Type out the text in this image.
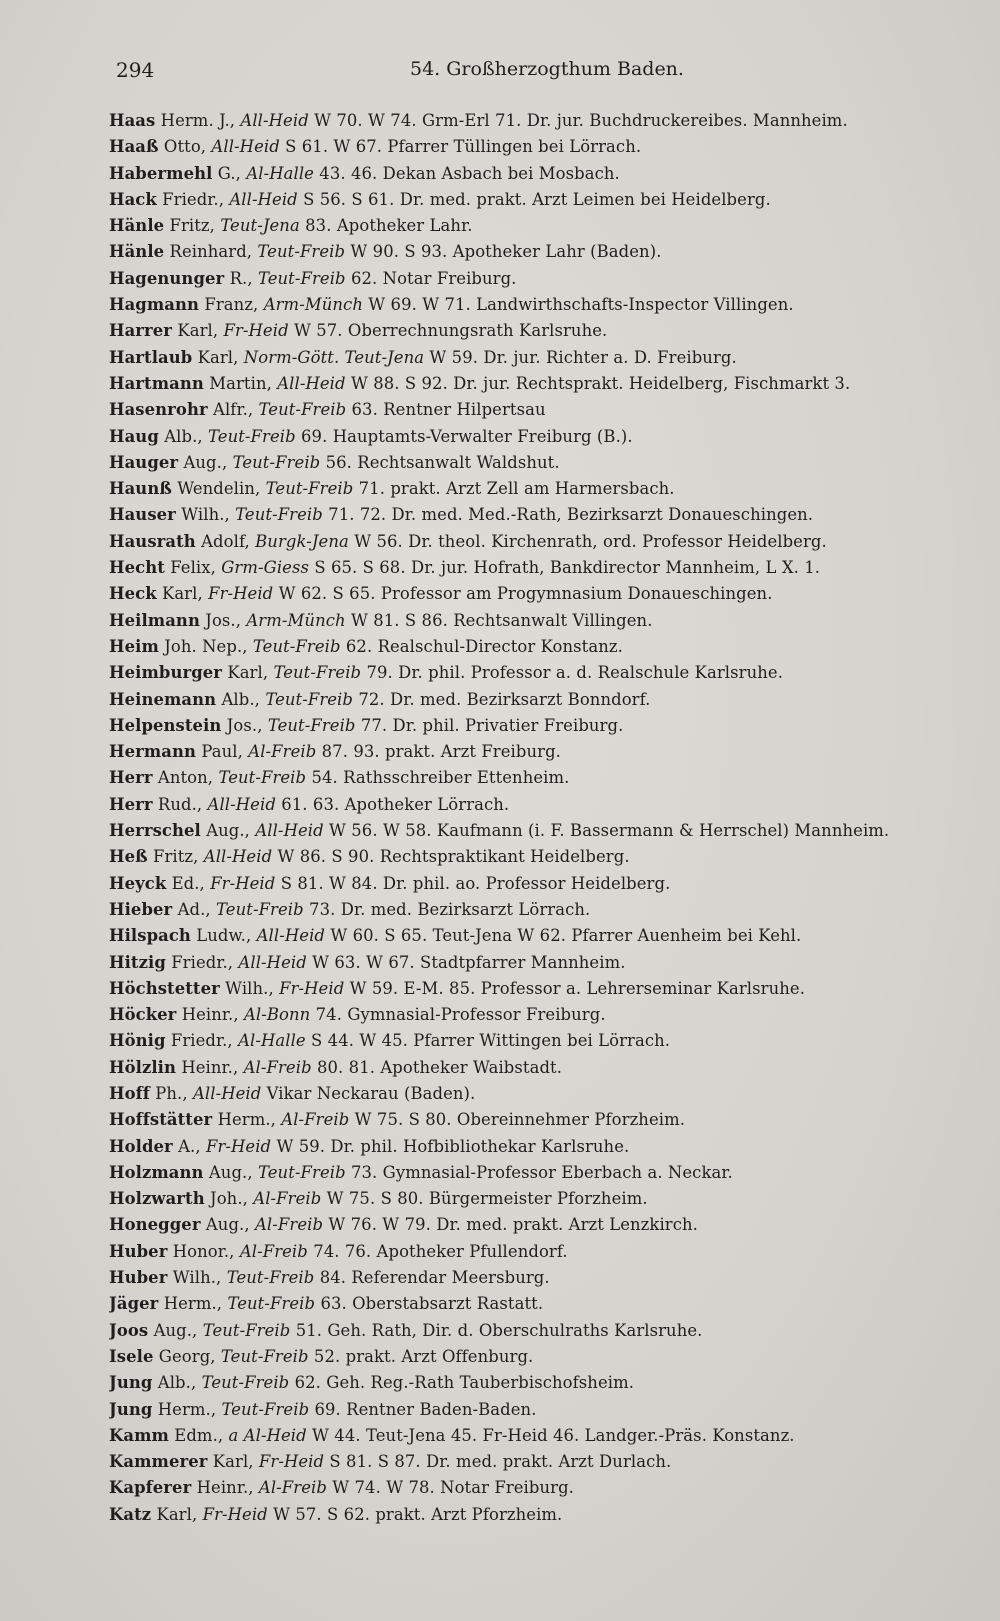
294	54. Großherzogthum Baden.
Haas Herm. J., All-Heid W 70. W 74. Grm-Erl 71. Dr. jur. Buchdruckereibes. Mannheim.
Haaß Otto, All-Heid S 61. W 67. Pfarrer Tüllingen bei Lörrach.
Habermehl G., Al-Halle 43. 46. Dekan Asbach bei Mosbach.
Hack Friedr., All-Heid S 56. S 61. Dr. med. prakt. Arzt Leimen bei Heidelberg.
Hänle Fritz, Teut-Jena 83. Apotheker Lahr.
Hänle Reinhard, Teut-Freib W 90. S 93. Apotheker Lahr (Baden).
Hagenunger R., Teut-Freib 62. Notar Freiburg.
Hagmann Franz, Arm-Münch W 69. W 71. Landwirthschafts-Inspector Villingen.
Harrer Karl, Fr-Heid W 57. Oberrechnungsrath Karlsruhe.
Hartlaub Karl, Norm-Gött. Teut-Jena W 59. Dr. jur. Richter a. D. Freiburg.
Hartmann Martin, All-Heid W 88. S 92. Dr. jur. Rechtsprakt. Heidelberg, Fischmarkt 3.
Hasenrohr Alfr., Teut-Freib 63. Rentner Hilpertsau
Haug Alb., Teut-Freib 69. Hauptamts-Verwalter Freiburg (B.).
Hauger Aug., Teut-Freib 56. Rechtsanwalt Waldshut.
Haunß Wendelin, Teut-Freib 71. prakt. Arzt Zell am Harmersbach.
Hauser Wilh., Teut-Freib 71. 72. Dr. med. Med.-Rath, Bezirksarzt Donaueschingen.
Hausrath Adolf, Burgk-Jena W 56. Dr. theol. Kirchenrath, ord. Professor Heidelberg.
Hecht Felix, Grm-Giess S 65. S 68. Dr. jur. Hofrath, Bankdirector Mannheim, L X. 1.
Heck Karl, Fr-Heid W 62. S 65. Professor am Progymnasium Donaueschingen.
Heilmann Jos., Arm-Münch W 81. S 86. Rechtsanwalt Villingen.
Heim Joh. Nep., Teut-Freib 62. Realschul-Director Konstanz.
Heimburger Karl, Teut-Freib 79. Dr. phil. Professor a. d. Realschule Karlsruhe.
Heinemann Alb., Teut-Freib 72. Dr. med. Bezirksarzt Bonndorf.
Helpenstein Jos., Teut-Freib 77. Dr. phil. Privatier Freiburg.
Hermann Paul, Al-Freib 87. 93. prakt. Arzt Freiburg.
Herr Anton, Teut-Freib 54. Rathsschreiber Ettenheim.
Herr Rud., All-Heid 61. 63. Apotheker Lörrach.
Herrschel Aug., All-Heid W 56. W 58. Kaufmann (i. F. Bassermann & Herrschel) Mannheim.
Heß Fritz, All-Heid W 86. S 90. Rechtspraktikant Heidelberg.
Heyck Ed., Fr-Heid S 81. W 84. Dr. phil. ao. Professor Heidelberg.
Hieber Ad., Teut-Freib 73. Dr. med. Bezirksarzt Lörrach.
Hilspach Ludw., All-Heid W 60. S 65. Teut-Jena W 62. Pfarrer Auenheim bei Kehl.
Hitzig Friedr., All-Heid W 63. W 67. Stadtpfarrer Mannheim.
Höchstetter Wilh., Fr-Heid W 59. E-M. 85. Professor a. Lehrerseminar Karlsruhe.
Höcker Heinr., Al-Bonn 74. Gymnasial-Professor Freiburg.
Hönig Friedr., Al-Halle S 44. W 45. Pfarrer Wittingen bei Lörrach.
Hölzlin Heinr., Al-Freib 80. 81. Apotheker Waibstadt.
Hoff Ph., All-Heid Vikar Neckarau (Baden).
Hoffstätter Herm., Al-Freib W 75. S 80. Obereinnehmer Pforzheim.
Holder A., Fr-Heid W 59. Dr. phil. Hofbibliothekar Karlsruhe.
Holzmann Aug., Teut-Freib 73. Gymnasial-Professor Eberbach a. Neckar.
Holzwarth Joh., Al-Freib W 75. S 80. Bürgermeister Pforzheim.
Honegger Aug., Al-Freib W 76. W 79. Dr. med. prakt. Arzt Lenzkirch.
Huber Honor., Al-Freib 74. 76. Apotheker Pfullendorf.
Huber Wilh., Teut-Freib 84. Referendar Meersburg.
Jäger Herm., Teut-Freib 63. Oberstabsarzt Rastatt.
Joos Aug., Teut-Freib 51. Geh. Rath, Dir. d. Oberschulraths Karlsruhe.
Isele Georg, Teut-Freib 52. prakt. Arzt Offenburg.
Jung Alb., Teut-Freib 62. Geh. Reg.-Rath Tauberbischofsheim.
Jung Herm., Teut-Freib 69. Rentner Baden-Baden.
Kamm Edm., a Al-Heid W 44. Teut-Jena 45. Fr-Heid 46. Landger.-Präs. Konstanz.
Kammerer Karl, Fr-Heid S 81. S 87. Dr. med. prakt. Arzt Durlach.
Kapferer Heinr., Al-Freib W 74. W 78. Notar Freiburg.
Katz Karl, Fr-Heid W 57. S 62. prakt. Arzt Pforzheim.
